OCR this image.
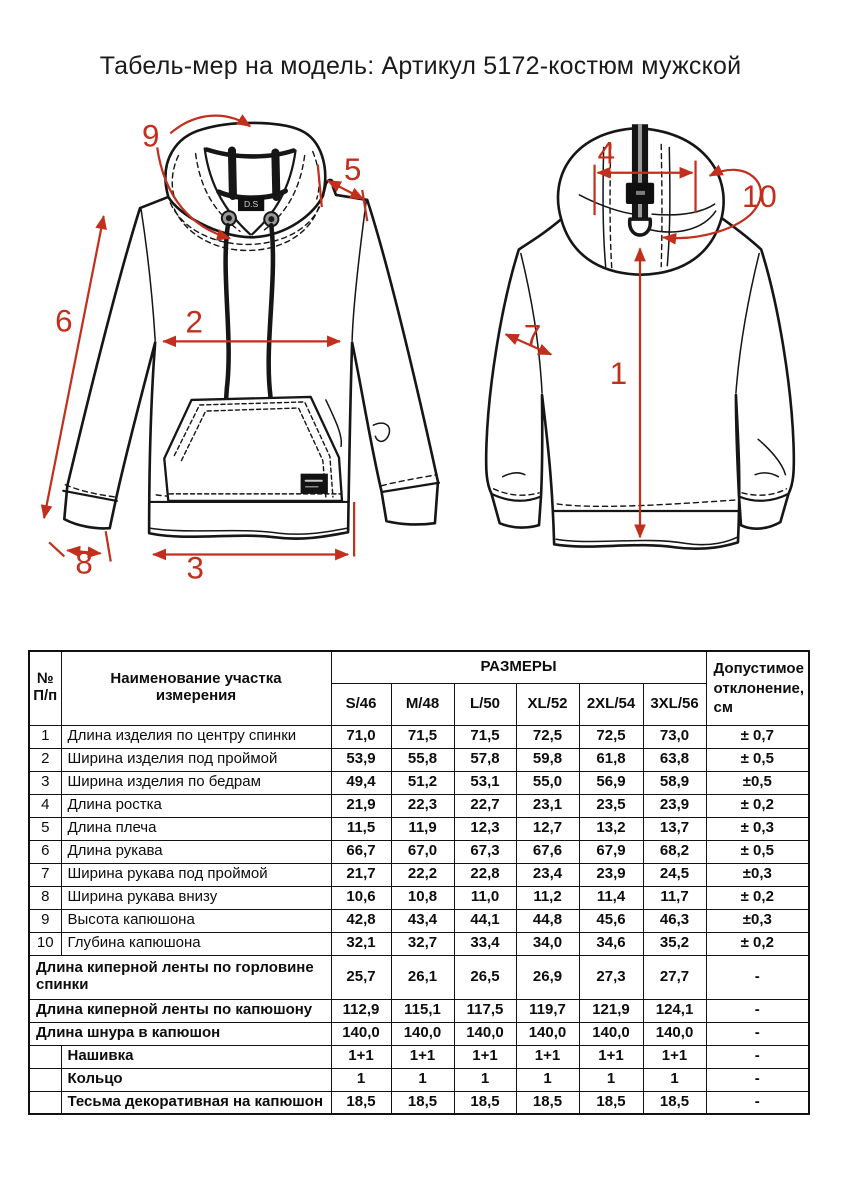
Табель-мер на модель: Артикул 5172-костюм мужской
D.S
9
5
6	2
3
8
4
10
1
7
№
П/п

Наименование участка
измерения
	РАЗМЕРЫ	Допустимое отклонение, см
		S/46	M/48	L/50	XL/52	2XL/54	3XL/56	
1	Длина изделия по центру спинки	71,0	71,5	71,5	72,5	72,5	73,0	± 0,7
2	Ширина изделия под проймой	53,9	55,8	57,8	59,8	61,8	63,8	± 0,5
3	Ширина изделия по бедрам	49,4	51,2	53,1	55,0	56,9	58,9	±0,5
4	Длина ростка	21,9	22,3	22,7	23,1	23,5	23,9	± 0,2
5	Длина плеча	11,5	11,9	12,3	12,7	13,2	13,7	± 0,3
6	Длина рукава	66,7	67,0	67,3	67,6	67,9	68,2	± 0,5
7	Ширина рукава под проймой	21,7	22,2	22,8	23,4	23,9	24,5	±0,3
8	Ширина рукава внизу	10,6	10,8	11,0	11,2	11,4	11,7	± 0,2
9	Высота капюшона	42,8	43,4	44,1	44,8	45,6	46,3	±0,3
10	Глубина капюшона	32,1	32,7	33,4	34,0	34,6	35,2	± 0,2
Длина киперной ленты по горловине спинки		25,7	26,1	26,5	26,9	27,3	27,7	-
Длина киперной ленты по капюшону		112,9	115,1	117,5	119,7	121,9	124,1	-
Длина шнура в капюшон		140,0	140,0	140,0	140,0	140,0	140,0	-
	Нашивка	1+1	1+1	1+1	1+1	1+1	1+1	-
	Кольцо	1	1	1	1	1	1	-
	Тесьма декоративная на капюшон	18,5	18,5	18,5	18,5	18,5	18,5	-
